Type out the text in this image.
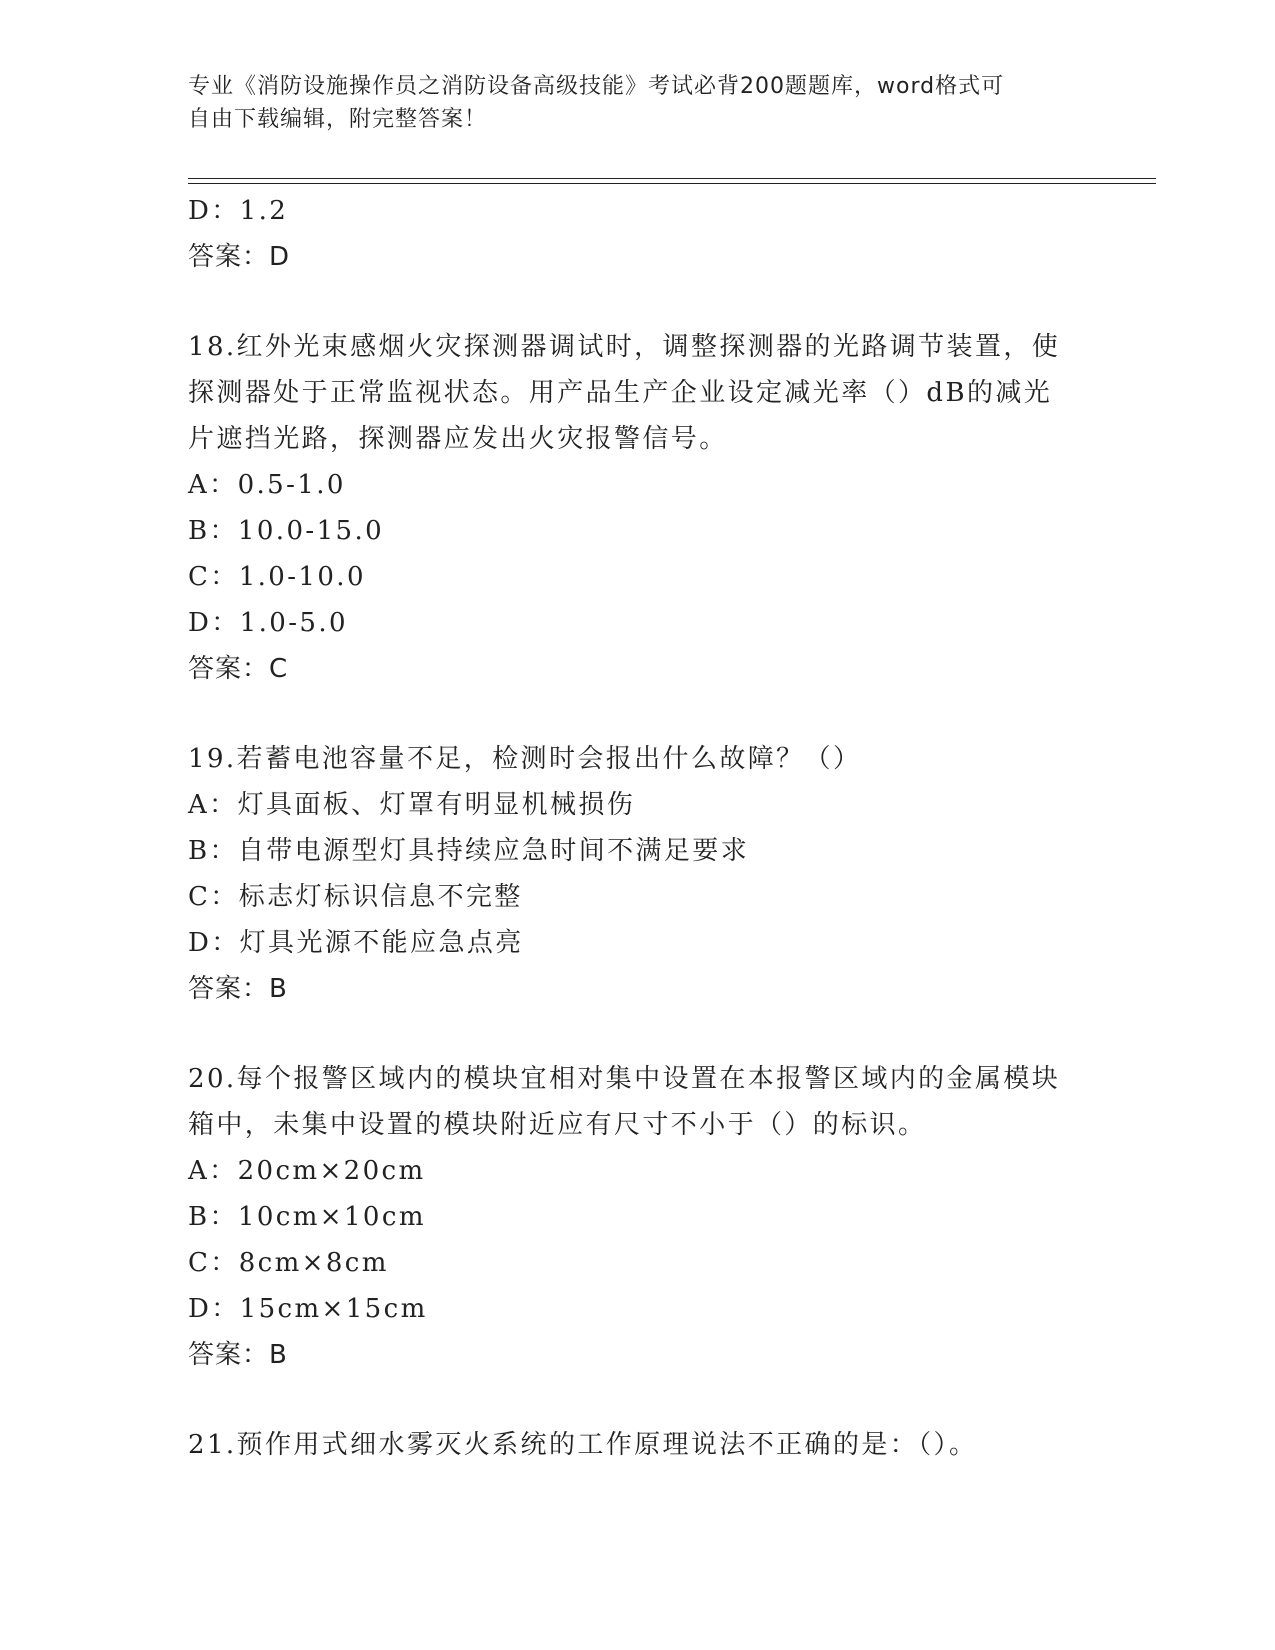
专业《消防设施操作员之消防设备高级技能》考试必背200题题库，word格式可
自由下载编辑，附完整答案！
D：1.2
答案：D
18.红外光束感烟火灾探测器调试时，调整探测器的光路调节装置，使
探测器处于正常监视状态。用产品生产企业设定减光率（）dB的减光
片遮挡光路，探测器应发出火灾报警信号。
A：0.5-1.0
B：10.0-15.0
C：1.0-10.0
D：1.0-5.0
答案：C
19.若蓄电池容量不足，检测时会报出什么故障？（）
A：灯具面板、灯罩有明显机械损伤
B：自带电源型灯具持续应急时间不满足要求
C：标志灯标识信息不完整
D：灯具光源不能应急点亮
答案：B
20.每个报警区域内的模块宜相对集中设置在本报警区域内的金属模块
箱中，未集中设置的模块附近应有尺寸不小于（）的标识。
A：20cm×20cm
B：10cm×10cm
C：8cm×8cm
D：15cm×15cm
答案：B
21.预作用式细水雾灭火系统的工作原理说法不正确的是：（）。
